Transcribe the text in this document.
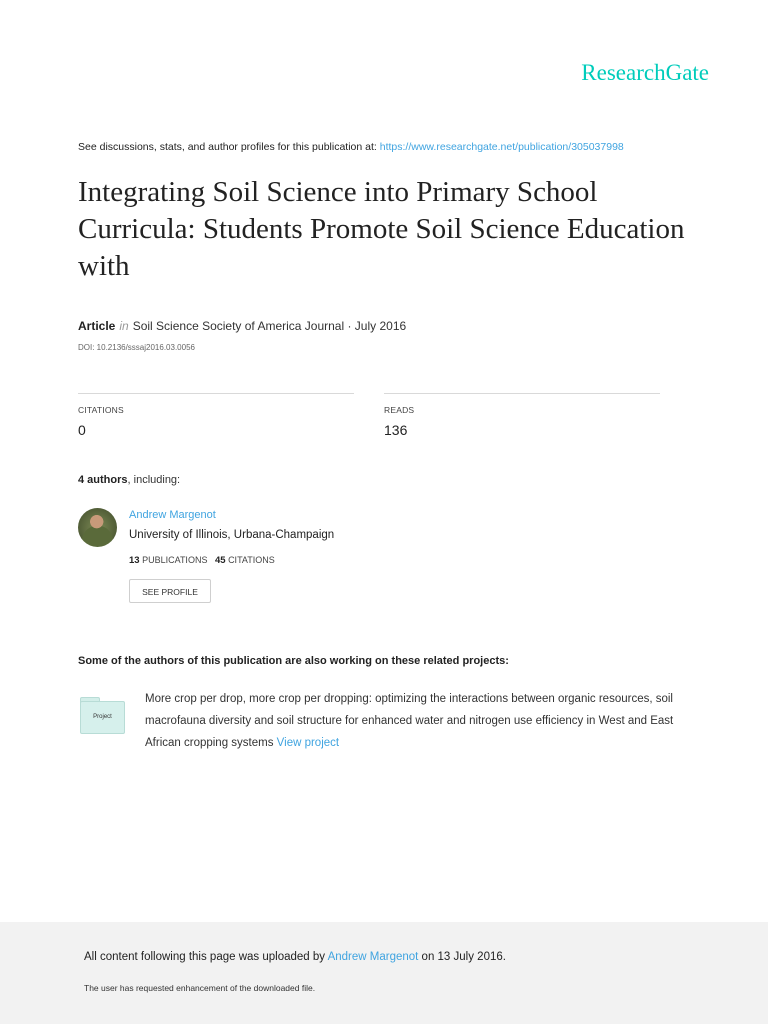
ResearchGate
See discussions, stats, and author profiles for this publication at: https://www.researchgate.net/publication/305037998
Integrating Soil Science into Primary School Curricula: Students Promote Soil Science Education with
Article in Soil Science Society of America Journal · July 2016
DOI: 10.2136/sssaj2016.03.0056
CITATIONS
0
READS
136
4 authors, including:
Andrew Margenot
University of Illinois, Urbana-Champaign
13 PUBLICATIONS 45 CITATIONS
SEE PROFILE
Some of the authors of this publication are also working on these related projects:
Project
More crop per drop, more crop per dropping: optimizing the interactions between organic resources, soil macrofauna diversity and soil structure for enhanced water and nitrogen use efficiency in West and East African cropping systems View project
All content following this page was uploaded by Andrew Margenot on 13 July 2016.
The user has requested enhancement of the downloaded file.
